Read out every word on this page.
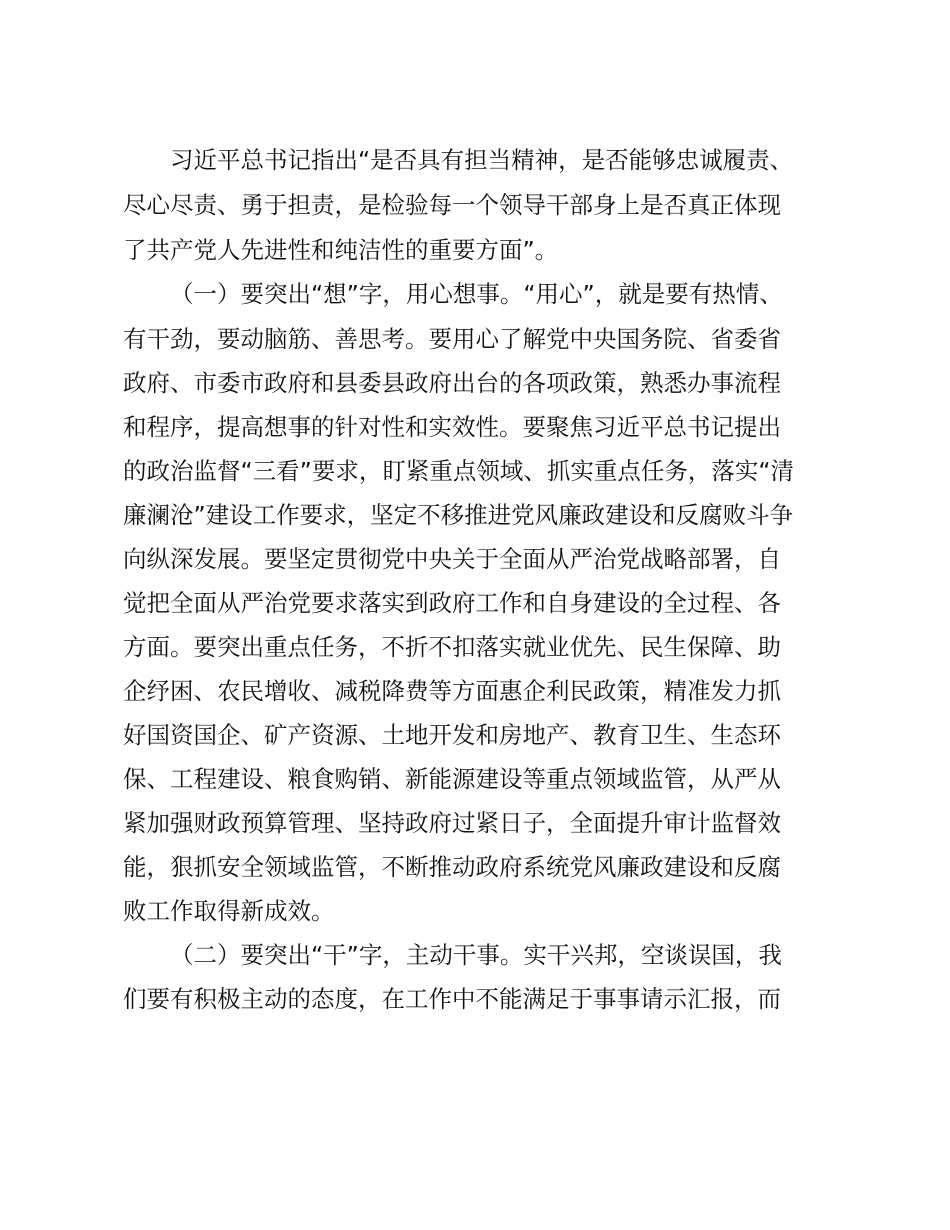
习近平总书记指出“是否具有担当精神，是否能够忠诚履责、
尽心尽责、勇于担责，是检验每一个领导干部身上是否真正体现
了共产党人先进性和纯洁性的重要方面”。
（一）要突出“想”字，用心想事。“用心”，就是要有热情、
有干劲，要动脑筋、善思考。要用心了解党中央国务院、省委省
政府、市委市政府和县委县政府出台的各项政策，熟悉办事流程
和程序，提高想事的针对性和实效性。要聚焦习近平总书记提出
的政治监督“三看”要求，盯紧重点领域、抓实重点任务，落实“清
廉澜沧”建设工作要求，坚定不移推进党风廉政建设和反腐败斗争
向纵深发展。要坚定贯彻党中央关于全面从严治党战略部署，自
觉把全面从严治党要求落实到政府工作和自身建设的全过程、各
方面。要突出重点任务，不折不扣落实就业优先、民生保障、助
企纾困、农民增收、减税降费等方面惠企利民政策，精准发力抓
好国资国企、矿产资源、土地开发和房地产、教育卫生、生态环
保、工程建设、粮食购销、新能源建设等重点领域监管，从严从
紧加强财政预算管理、坚持政府过紧日子，全面提升审计监督效
能，狠抓安全领域监管，不断推动政府系统党风廉政建设和反腐
败工作取得新成效。
（二）要突出“干”字，主动干事。实干兴邦，空谈误国，我
们要有积极主动的态度，在工作中不能满足于事事请示汇报，而
